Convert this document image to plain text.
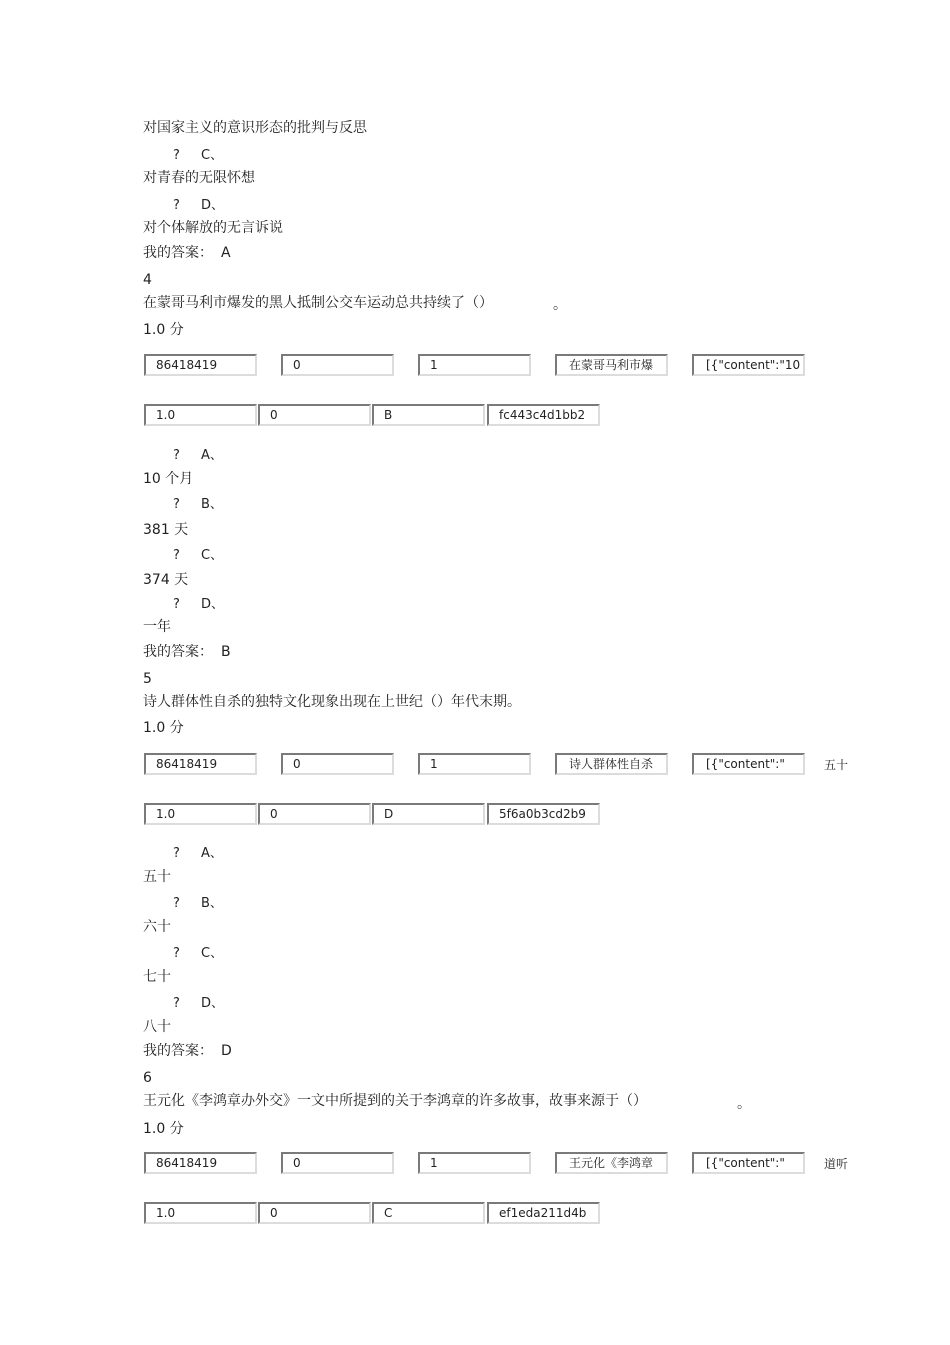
对国家主义的意识形态的批判与反思
? C、
对青春的无限怀想
? D、
对个体解放的无言诉说
我的答案： A
4
在蒙哥马利市爆发的黑人抵制公交车运动总共持续了（）	。
1.0 分
86418419	0	1	在蒙哥马利市爆	[{"content":"10
1.0	0	B	fc443c4d1bb2
? A、
10 个月
? B、
381 天
? C、
374 天
? D、
一年
我的答案： B
5
诗人群体性自杀的独特文化现象出现在上世纪（）年代末期。
1.0 分
86418419	0	1	诗人群体性自杀	[{"content":"	五十
1.0	0	D	5f6a0b3cd2b9
? A、
五十
? B、
六十
? C、
七十
? D、
八十
我的答案： D
6
王元化《李鸿章办外交》一文中所提到的关于李鸿章的许多故事，故事来源于（）	。
1.0 分
86418419	0	1	王元化《李鸿章	[{"content":"	道听
1.0	0	C	ef1eda211d4b
